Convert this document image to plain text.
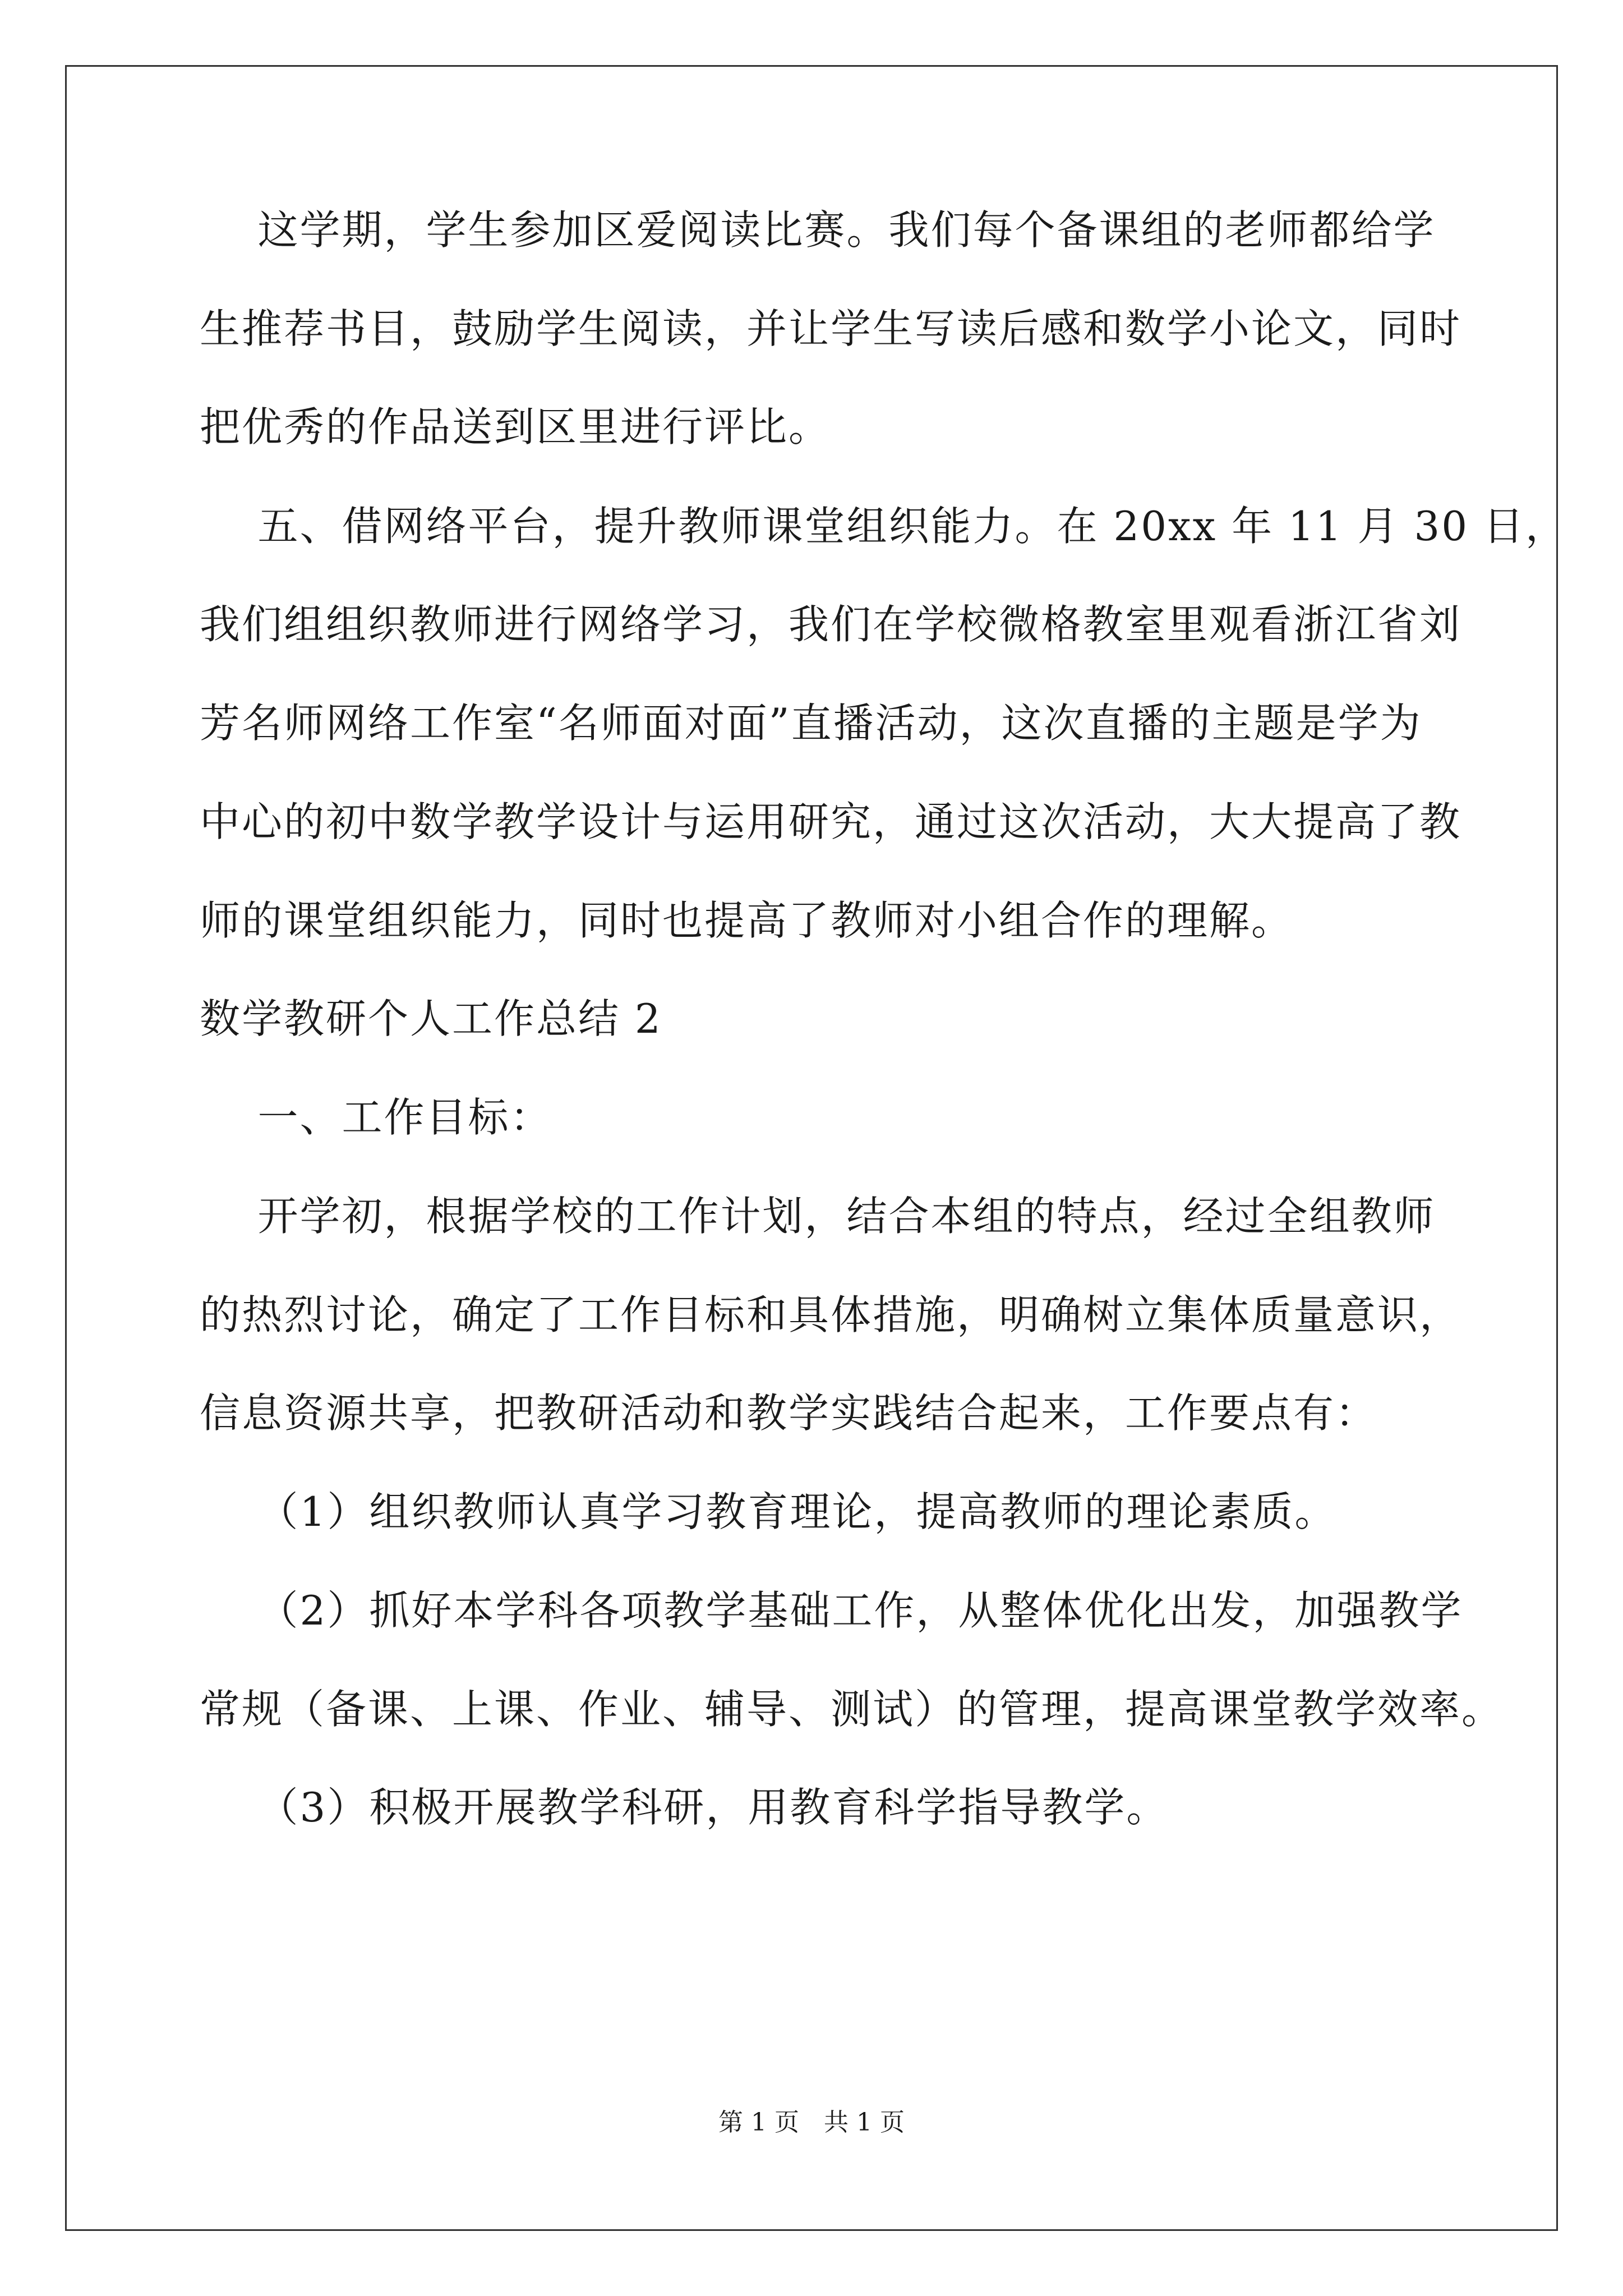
这学期，学生参加区爱阅读比赛。我们每个备课组的老师都给学
生推荐书目，鼓励学生阅读，并让学生写读后感和数学小论文，同时
把优秀的作品送到区里进行评比。
五、借网络平台，提升教师课堂组织能力。在 20xx 年 11 月 30 日，
我们组组织教师进行网络学习，我们在学校微格教室里观看浙江省刘
芳名师网络工作室“名师面对面”直播活动，这次直播的主题是学为
中心的初中数学教学设计与运用研究，通过这次活动，大大提高了教
师的课堂组织能力，同时也提高了教师对小组合作的理解。
数学教研个人工作总结 2
一、工作目标：
开学初，根据学校的工作计划，结合本组的特点，经过全组教师
的热烈讨论，确定了工作目标和具体措施，明确树立集体质量意识，
信息资源共享，把教研活动和教学实践结合起来，工作要点有：
（1）组织教师认真学习教育理论，提高教师的理论素质。
（2）抓好本学科各项教学基础工作，从整体优化出发，加强教学
常规（备课、上课、作业、辅导、测试）的管理，提高课堂教学效率。
（3）积极开展教学科研，用教育科学指导教学。
第 1 页　共 1 页
